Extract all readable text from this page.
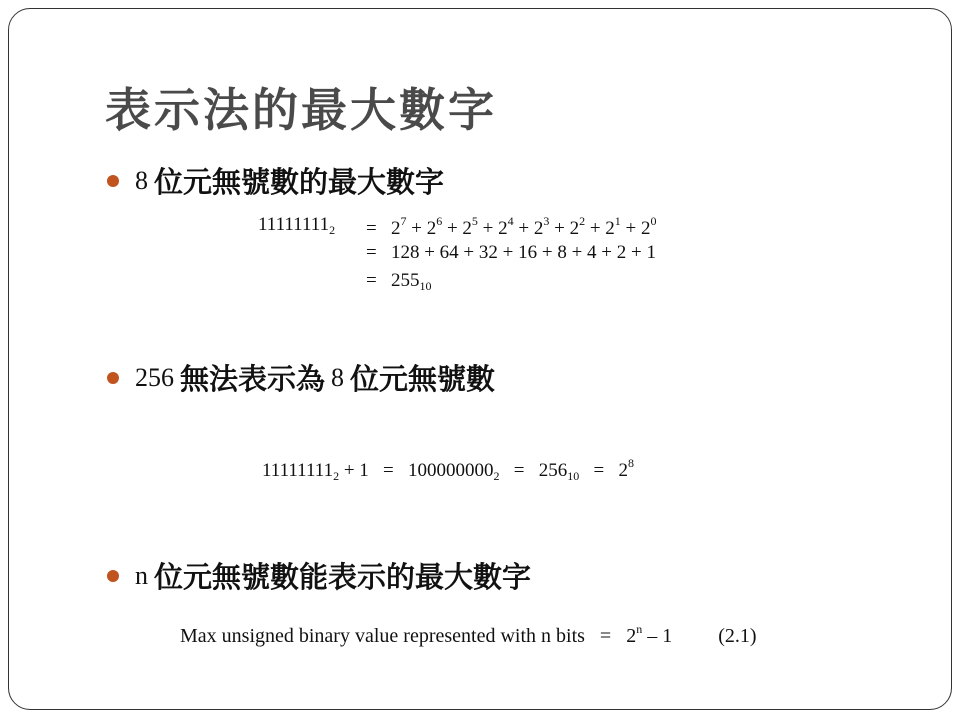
表示法的最大數字
8 位元無號數的最大數字
$11111111_2 = 2^7 + 2^6 + 2^5 + 2^4 + 2^3 + 2^2 + 2^1 + 2^0$
= 128 + 64 + 32 + 16 + 8 + 4 + 2 + 1
= $255_{10}$
256 無法表示為 8 位元無號數
$11111111_2 + 1 = 100000000_2 = 256_{10} = 2^8$
n 位元無號數能表示的最大數字
Max unsigned binary value represented with n bits = $2^n - 1$ (2.1)
